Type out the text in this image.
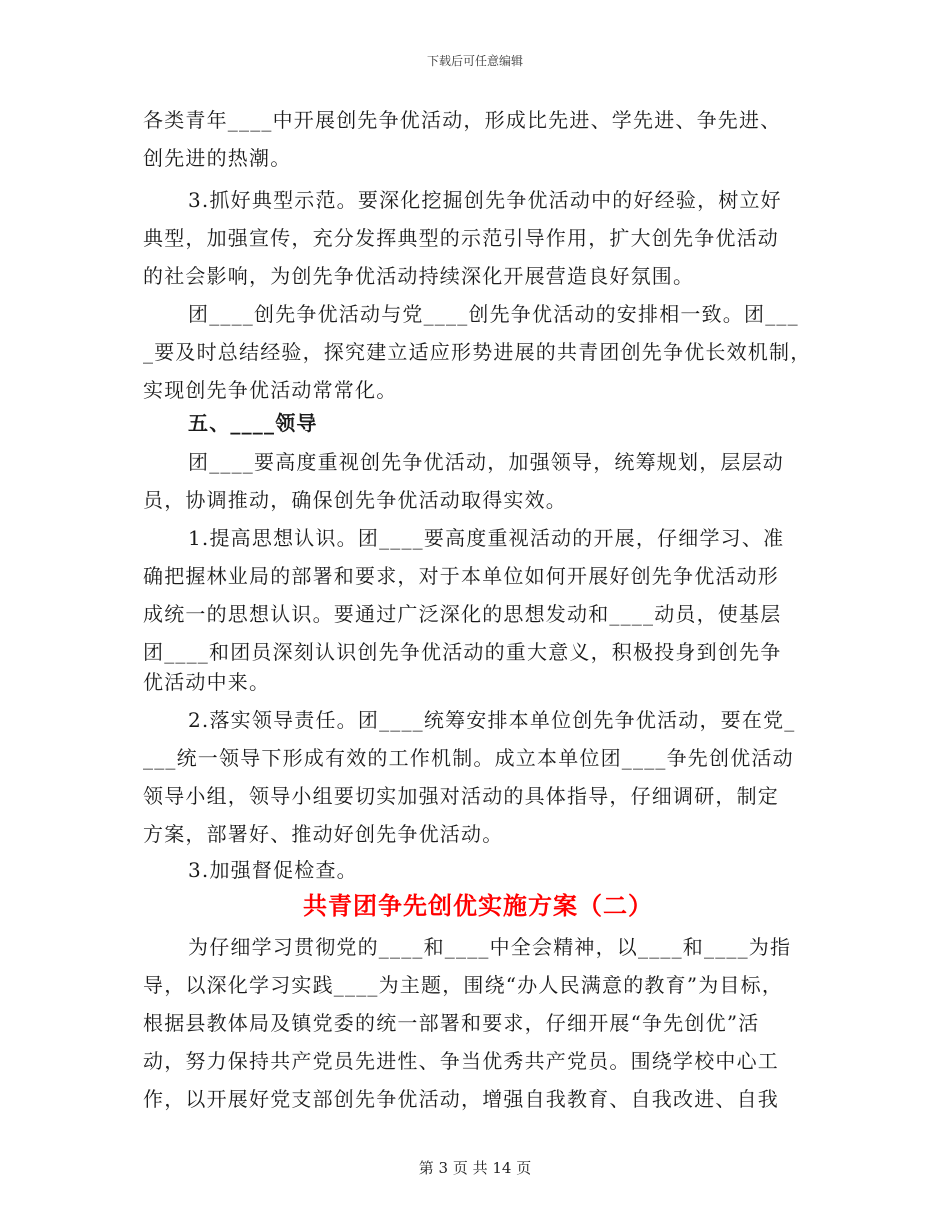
下载后可任意编辑
各类青年____中开展创先争优活动，形成比先进、学先进、争先进、
创先进的热潮。
3.抓好典型示范。要深化挖掘创先争优活动中的好经验，树立好
典型，加强宣传，充分发挥典型的示范引导作用，扩大创先争优活动
的社会影响，为创先争优活动持续深化开展营造良好氛围。
团____创先争优活动与党____创先争优活动的安排相一致。团___
_要及时总结经验，探究建立适应形势进展的共青团创先争优长效机制，
实现创先争优活动常常化。
五、____领导
团____要高度重视创先争优活动，加强领导，统筹规划，层层动
员，协调推动，确保创先争优活动取得实效。
1.提高思想认识。团____要高度重视活动的开展，仔细学习、准
确把握林业局的部署和要求，对于本单位如何开展好创先争优活动形
成统一的思想认识。要通过广泛深化的思想发动和____动员，使基层
团____和团员深刻认识创先争优活动的重大意义，积极投身到创先争
优活动中来。
2.落实领导责任。团____统筹安排本单位创先争优活动，要在党_
___统一领导下形成有效的工作机制。成立本单位团____争先创优活动
领导小组，领导小组要切实加强对活动的具体指导，仔细调研，制定
方案，部署好、推动好创先争优活动。
3.加强督促检查。
共青团争先创优实施方案（二）
为仔细学习贯彻党的____和____中全会精神，以____和____为指
导，以深化学习实践____为主题，围绕“办人民满意的教育”为目标，
根据县教体局及镇党委的统一部署和要求，仔细开展“争先创优”活
动，努力保持共产党员先进性、争当优秀共产党员。围绕学校中心工
作，以开展好党支部创先争优活动，增强自我教育、自我改进、自我
第 3 页 共 14 页
